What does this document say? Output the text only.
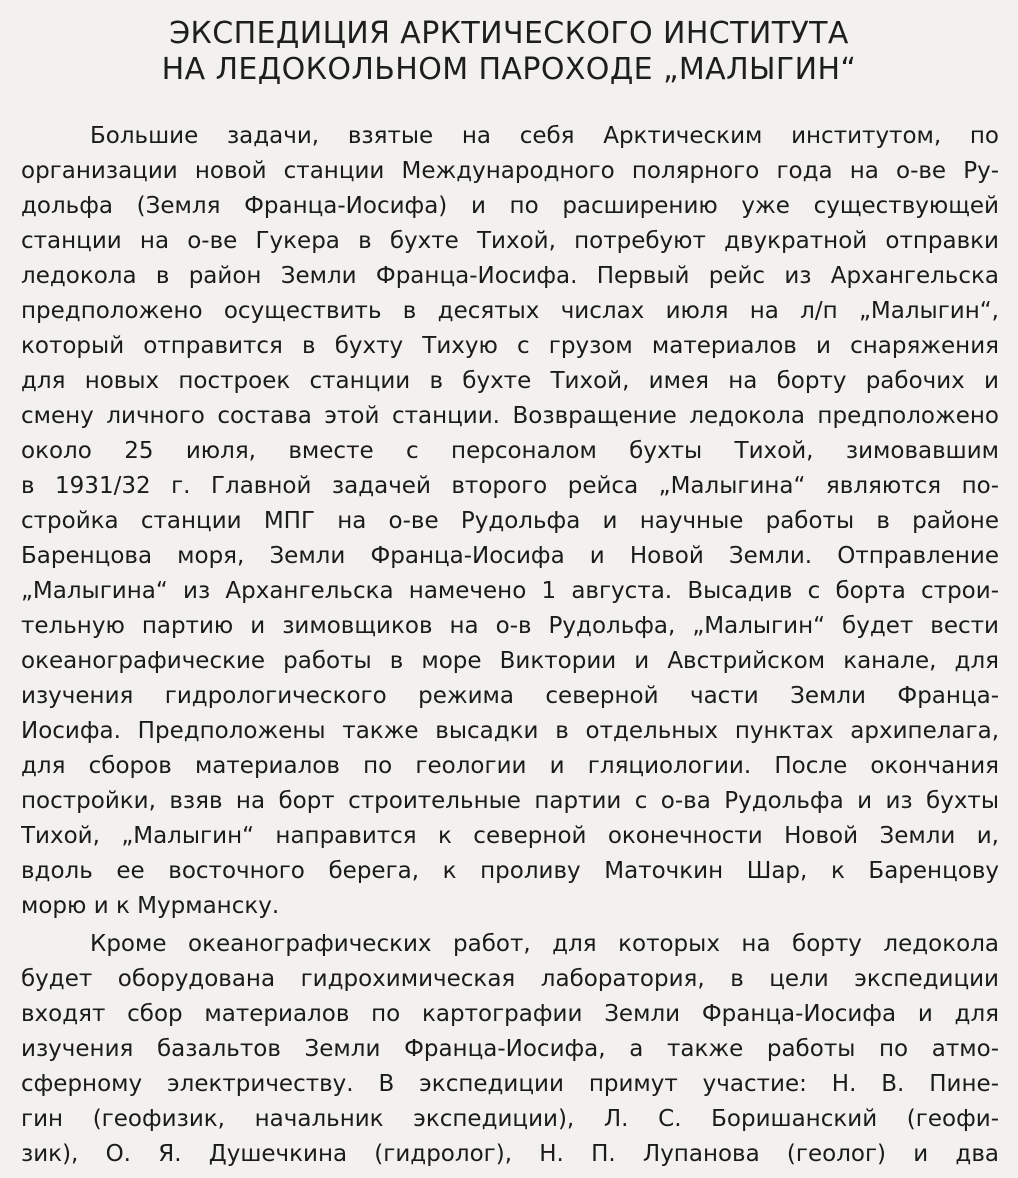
ЭКСПЕДИЦИЯ АРКТИЧЕСКОГО ИНСТИТУТА
НА ЛЕДОКОЛЬНОМ ПАРОХОДЕ „МАЛЫГИН“
Большие задачи, взятые на себя Арктическим институтом, по
организации новой станции Международного полярного года на о-ве Ру-
дольфа (Земля Франца-Иосифа) и по расширению уже существующей
станции на о-ве Гукера в бухте Тихой, потребуют двукратной отправки
ледокола в район Земли Франца-Иосифа. Первый рейс из Архангельска
предположено осуществить в десятых числах июля на л/п „Малыгин“,
который отправится в бухту Тихую с грузом материалов и снаряжения
для новых построек станции в бухте Тихой, имея на борту рабочих и
смену личного состава этой станции. Возвращение ледокола предположено
около 25 июля, вместе с персоналом бухты Тихой, зимовавшим
в 1931/32 г. Главной задачей второго рейса „Малыгина“ являются по-
стройка станции МПГ на о-ве Рудольфа и научные работы в районе
Баренцова моря, Земли Франца-Иосифа и Новой Земли. Отправление
„Малыгина“ из Архангельска намечено 1 августа. Высадив с борта строи-
тельную партию и зимовщиков на о-в Рудольфа, „Малыгин“ будет вести
океанографические работы в море Виктории и Австрийском канале, для
изучения гидрологического режима северной части Земли Франца-
Иосифа. Предположены также высадки в отдельных пунктах архипелага,
для сборов материалов по геологии и гляциологии. После окончания
постройки, взяв на борт строительные партии с о-ва Рудольфа и из бухты
Тихой, „Малыгин“ направится к северной оконечности Новой Земли и,
вдоль ее восточного берега, к проливу Маточкин Шар, к Баренцову
морю и к Мурманску.
Кроме океанографических работ, для которых на борту ледокола
будет оборудована гидрохимическая лаборатория, в цели экспедиции
входят сбор материалов по картографии Земли Франца-Иосифа и для
изучения базальтов Земли Франца-Иосифа, а также работы по атмо-
сферному электричеству. В экспедиции примут участие: Н. В. Пине-
гин (геофизик, начальник экспедиции), Л. С. Боришанский (геофи-
зик), О. Я. Душечкина (гидролог), Н. П. Лупанова (геолог) и два
